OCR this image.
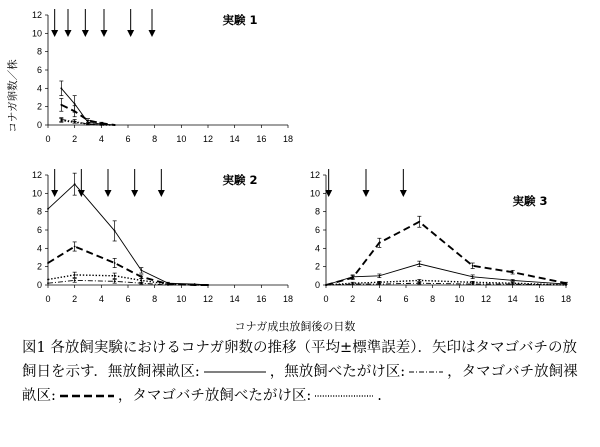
コナガ卵数／株
コナガ成虫放飼後の日数
0
2
4
6
8
10
12
0 2 4 6 8 10 12 14 16 18
実験 1
0
2
4
6
8
10
12
0 2 4 6 8 10 12 14 16 18
実験 2
0
2
4
6
8
10
12
0 2 4 6 8 10 12 14 16 18
実験 3
図1 各放飼実験におけるコナガ卵数の推移（平均±標準誤差）．矢印はタマゴバチの放飼日を示す．無放飼裸畝区:	，無放飼べたがけ区:	，タマゴバチ放飼裸畝区:	，タマゴバチ放飼べたがけ区:	.
